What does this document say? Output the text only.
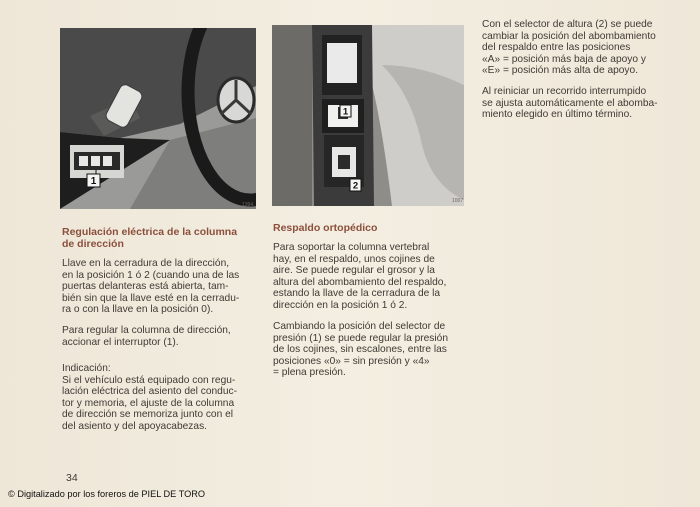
1
1394
1
2
1007
Regulación eléctrica de la columna
de dirección

Llave en la cerradura de la dirección,
en la posición 1 ó 2 (cuando una de las
puertas delanteras está abierta, tam-
bién sin que la llave esté en la cerradu-
ra o con la llave en la posición 0).

Para regular la columna de dirección,
accionar el interruptor (1).

Indicación:
Si el vehículo está equipado con regu-
lación eléctrica del asiento del conduc-
tor y memoria, el ajuste de la columna
de dirección se memoriza junto con el
del asiento y del apoyacabezas.

Respaldo ortopédico

Para soportar la columna vertebral
hay, en el respaldo, unos cojines de
aire. Se puede regular el grosor y la
altura del abombamiento del respaldo,
estando la llave de la cerradura de la
dirección en la posición 1 ó 2.

Cambiando la posición del selector de
presión (1) se puede regular la presión
de los cojines, sin escalones, entre las
posiciones «0» = sin presión y «4»
= plena presión.

Con el selector de altura (2) se puede
cambiar la posición del abombamiento
del respaldo entre las posiciones
«A» = posición más baja de apoyo y
«E» = posición más alta de apoyo.

Al reiniciar un recorrido interrumpido
se ajusta automáticamente el abomba-
miento elegido en último término.

34
© Digitalizado por los foreros de PIEL DE TORO
